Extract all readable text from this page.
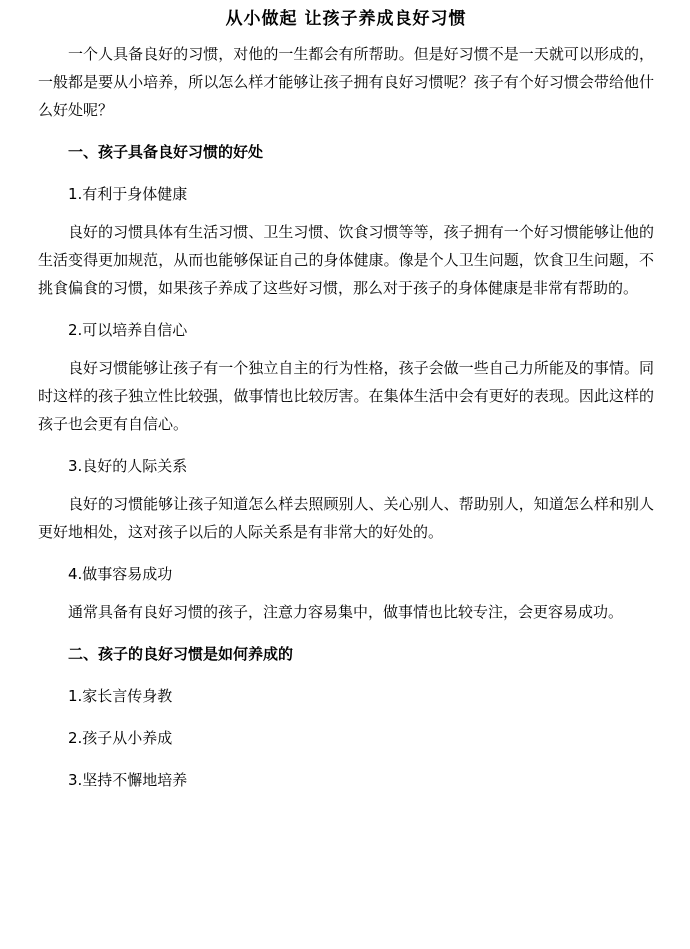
从小做起 让孩子养成良好习惯

一个人具备良好的习惯，对他的一生都会有所帮助。但是好习惯不是一天就可以形成的，一般都是要从小培养，所以怎么样才能够让孩子拥有良好习惯呢？孩子有个好习惯会带给他什么好处呢？

一、孩子具备良好习惯的好处
1.有利于身体健康

良好的习惯具体有生活习惯、卫生习惯、饮食习惯等等，孩子拥有一个好习惯能够让他的生活变得更加规范，从而也能够保证自己的身体健康。像是个人卫生问题，饮食卫生问题，不挑食偏食的习惯，如果孩子养成了这些好习惯，那么对于孩子的身体健康是非常有帮助的。

2.可以培养自信心

良好习惯能够让孩子有一个独立自主的行为性格，孩子会做一些自己力所能及的事情。同时这样的孩子独立性比较强，做事情也比较厉害。在集体生活中会有更好的表现。因此这样的孩子也会更有自信心。

3.良好的人际关系

良好的习惯能够让孩子知道怎么样去照顾别人、关心别人、帮助别人，知道怎么样和别人更好地相处，这对孩子以后的人际关系是有非常大的好处的。

4.做事容易成功

通常具备有良好习惯的孩子，注意力容易集中，做事情也比较专注，会更容易成功。

二、孩子的良好习惯是如何养成的
1.家长言传身教
2.孩子从小养成
3.坚持不懈地培养
